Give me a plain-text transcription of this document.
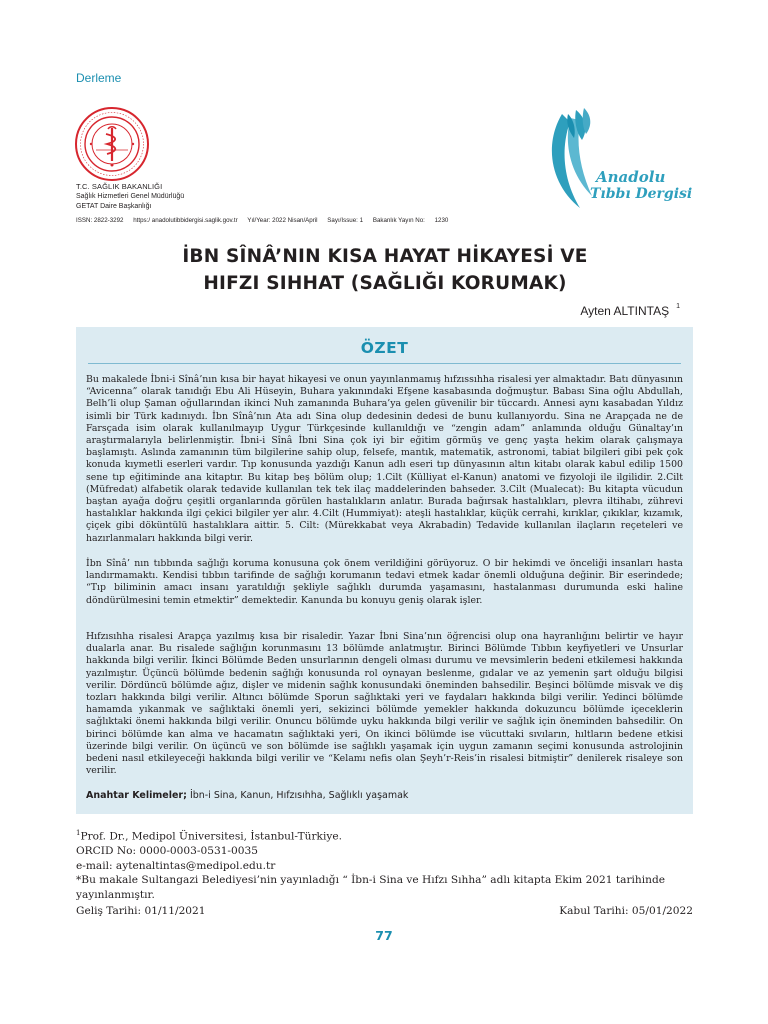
Derleme
T.C. SAĞLIK BAKANLIĞI
Sağlık Hizmetleri Genel Müdürlüğü
GETAT Daire Başkanlığı
ISSN: 2822-3292 https:/ anadolutibbidergisi.saglik.gov.tr Yıl/Year: 2022 Nisan/April Sayı/Issue: 1 Bakanlık Yayın No: 1230
Anadolu
Tıbbı Dergisi
İBN SÎNÂ’NIN KISA HAYAT HİKAYESİ VE
HIFZI SIHHAT (SAĞLIĞI KORUMAK)
Ayten ALTINTAŞ $^1$
ÖZET
Bu makalede İbni-i Sînâ’nın kısa bir hayat hikayesi ve onun yayınlanmamış hıfzıssıhha risalesi yer almaktadır. Batı dünyasının “Avicenna” olarak tanıdığı Ebu Ali Hüseyin, Buhara yakınındaki Efşene kasabasında doğmuştur. Babası Sina oğlu Abdullah, Belh’li olup Şaman oğullarından ikinci Nuh zamanında Buhara’ya gelen güvenilir bir tüccardı. Annesi aynı kasabadan Yıldız isimli bir Türk kadınıydı. İbn Sînâ’nın Ata adı Sina olup dedesinin dedesi de bunu kullanıyordu. Sina ne Arapçada ne de Farsçada isim olarak kullanılmayıp Uygur Türkçesinde kullanıldığı ve “zengin adam” anlamında olduğu Günaltay’ın araştırmalarıyla belirlenmiştir. İbni-i Sînâ İbni Sina çok iyi bir eğitim görmüş ve genç yaşta hekim olarak çalışmaya başlamıştı. Aslında zamanının tüm bilgilerine sahip olup, felsefe, mantık, matematik, astronomi, tabiat bilgileri gibi pek çok konuda kıymetli eserleri vardır. Tıp konusunda yazdığı Kanun adlı eseri tıp dünyasının altın kitabı olarak kabul edilip 1500 sene tıp eğitiminde ana kitaptır. Bu kitap beş bölüm olup; 1.Cilt (Külliyat el-Kanun) anatomi ve fizyoloji ile ilgilidir. 2.Cilt (Müfredat) alfabetik olarak tedavide kullanılan tek tek ilaç maddelerinden bahseder. 3.Cilt (Mualecat): Bu kitapta vücudun baştan ayağa doğru çeşitli organlarında görülen hastalıkların anlatır. Burada bağırsak hastalıkları, plevra iltihabı, zührevi hastalıklar hakkında ilgi çekici bilgiler yer alır. 4.Cilt (Hummiyat): ateşli hastalıklar, küçük cerrahi, kırıklar, çıkıklar, kızamık, çiçek gibi döküntülü hastalıklara aittir. 5. Cilt: (Mürekkabat veya Akrabadin) Tedavide kullanılan ilaçların reçeteleri ve hazırlanmaları hakkında bilgi verir.
İbn Sînâ’ nın tıbbında sağlığı koruma konusuna çok önem verildiğini görüyoruz. O bir hekimdi ve önceliği insanları hasta landırmamaktı. Kendisi tıbbın tarifinde de sağlığı korumanın tedavi etmek kadar önemli olduğuna değinir. Bir eserindede; “Tıp biliminin amacı insanı yaratıldığı şekliyle sağlıklı durumda yaşamasını, hastalanması durumunda eski haline döndürülmesini temin etmektir” demektedir. Kanunda bu konuyu geniş olarak işler.
Hıfzısıhha risalesi Arapça yazılmış kısa bir risaledir. Yazar İbni Sina’nın öğrencisi olup ona hayranlığını belirtir ve hayır dualarla anar. Bu risalede sağlığın korunmasını 13 bölümde anlatmıştır. Birinci Bölümde Tıbbın keyfiyetleri ve Unsurlar hakkında bilgi verilir. İkinci Bölümde Beden unsurlarının dengeli olması durumu ve mevsimlerin bedeni etkilemesi hakkında yazılmıştır. Üçüncü bölümde bedenin sağlığı konusunda rol oynayan beslenme, gıdalar ve az yemenin şart olduğu bilgisi verilir. Dördüncü bölümde ağız, dişler ve midenin sağlık konusundaki öneminden bahsedilir. Beşinci bölümde misvak ve diş tozları hakkında bilgi verilir. Altıncı bölümde Sporun sağlıktaki yeri ve faydaları hakkında bilgi verilir. Yedinci bölümde hamamda yıkanmak ve sağlıktaki önemli yeri, sekizinci bölümde yemekler hakkında dokuzuncu bölümde içeceklerin sağlıktaki önemi hakkında bilgi verilir. Onuncu bölümde uyku hakkında bilgi verilir ve sağlık için öneminden bahsedilir. On birinci bölümde kan alma ve hacamatın sağlıktaki yeri, On ikinci bölümde ise vücuttaki sıvıların, hıltların bedene etkisi üzerinde bilgi verilir. On üçüncü ve son bölümde ise sağlıklı yaşamak için uygun zamanın seçimi konusunda astrolojinin bedeni nasıl etkileyeceği hakkında bilgi verilir ve “Kelamı nefis olan Şeyh’r-Reis’in risalesi bitmiştir” denilerek risaleye son verilir.
Anahtar Kelimeler; İbn-i Sina, Kanun, Hıfzısıhha, Sağlıklı yaşamak
$^1$Prof. Dr., Medipol Üniversitesi, İstanbul-Türkiye.
ORCID No: 0000-0003-0531-0035
e-mail: aytenaltintas@medipol.edu.tr
*Bu makale Sultangazi Belediyesi’nin yayınladığı “ İbn-i Sina ve Hıfzı Sıhha” adlı kitapta Ekim 2021 tarihinde yayınlanmıştır.
Geliş Tarihi: 01/11/2021	Kabul Tarihi: 05/01/2022
77
